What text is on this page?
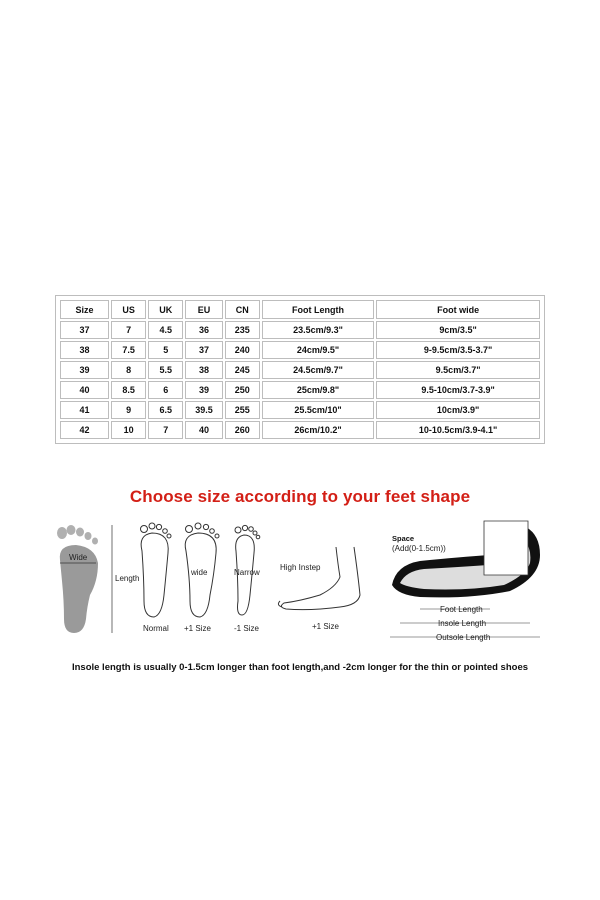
Size	US	UK	EU	CN	Foot Length	Foot wide
37	7	4.5	36	235	23.5cm/9.3"	9cm/3.5"
38	7.5	5	37	240	24cm/9.5"	9-9.5cm/3.5-3.7"
39	8	5.5	38	245	24.5cm/9.7"	9.5cm/3.7"
40	8.5	6	39	250	25cm/9.8"	9.5-10cm/3.7-3.9"
41	9	6.5	39.5	255	25.5cm/10"	10cm/3.9"
42	10	7	40	260	26cm/10.2"	10-10.5cm/3.9-4.1"
Choose size according to your feet shape
Wide
Length
Normal
wide
+1 Size
Narrow
-1 Size
High Instep
+1 Size
Space
(Add(0-1.5cm))
Foot Length
Insole Length
Outsole Length
Insole length is usually 0-1.5cm longer than foot length,and -2cm longer for the thin or pointed shoes
